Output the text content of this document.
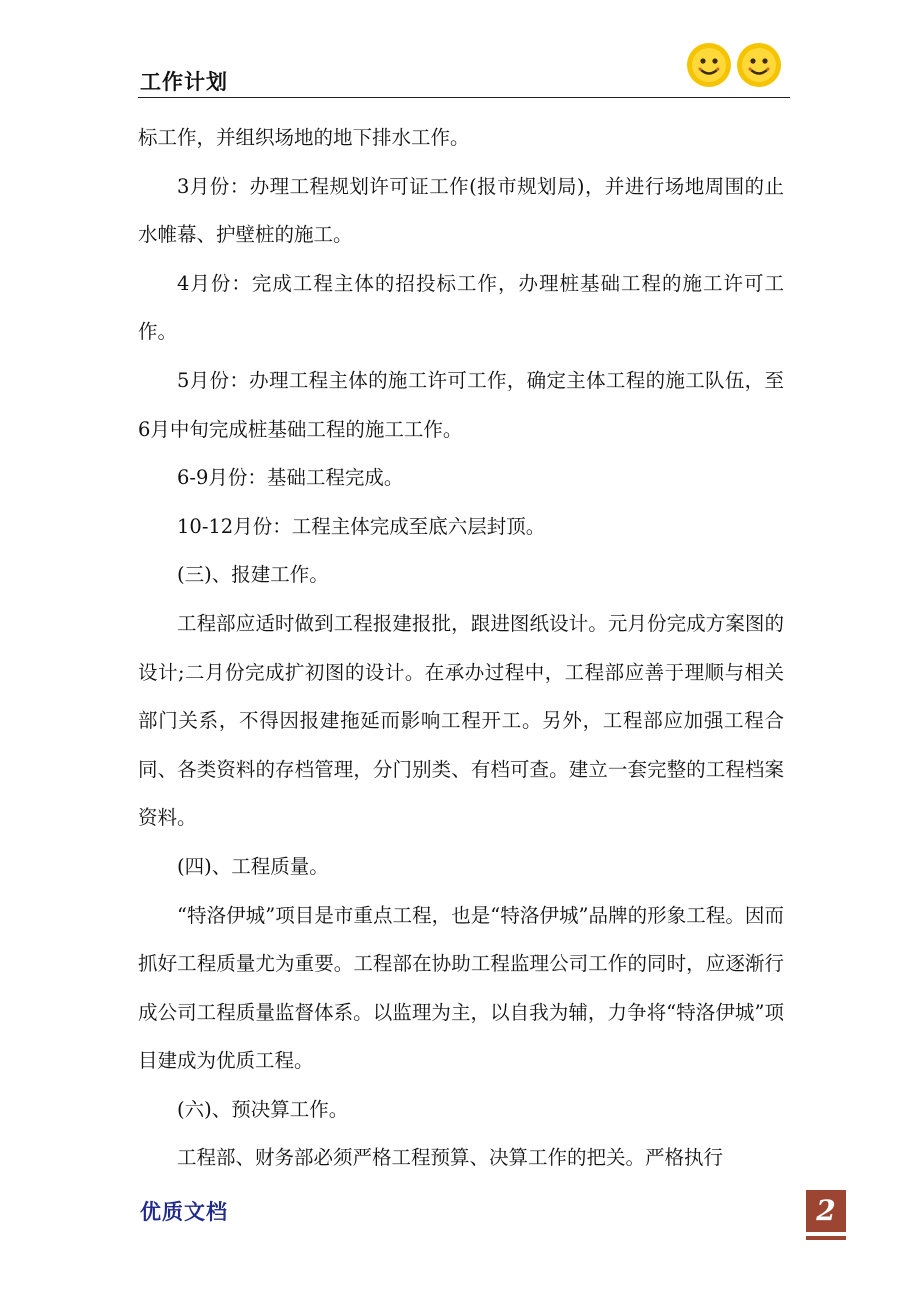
工作计划

标工作，并组织场地的地下排水工作。

3月份：办理工程规划许可证工作(报市规划局)，并进行场地周围的止水帷幕、护壁桩的施工。

4月份：完成工程主体的招投标工作，办理桩基础工程的施工许可工作。

5月份：办理工程主体的施工许可工作，确定主体工程的施工队伍，至6月中旬完成桩基础工程的施工工作。

6-9月份：基础工程完成。

10-12月份：工程主体完成至底六层封顶。

(三)、报建工作。

工程部应适时做到工程报建报批，跟进图纸设计。元月份完成方案图的设计;二月份完成扩初图的设计。在承办过程中，工程部应善于理顺与相关部门关系，不得因报建拖延而影响工程开工。另外，工程部应加强工程合同、各类资料的存档管理，分门别类、有档可查。建立一套完整的工程档案资料。

(四)、工程质量。

“特洛伊城”项目是市重点工程，也是“特洛伊城”品牌的形象工程。因而抓好工程质量尤为重要。工程部在协助工程监理公司工作的同时，应逐渐行成公司工程质量监督体系。以监理为主，以自我为辅，力争将“特洛伊城”项目建成为优质工程。

(六)、预决算工作。

工程部、财务部必须严格工程预算、决算工作的把关。严格执行

优质文档	2
